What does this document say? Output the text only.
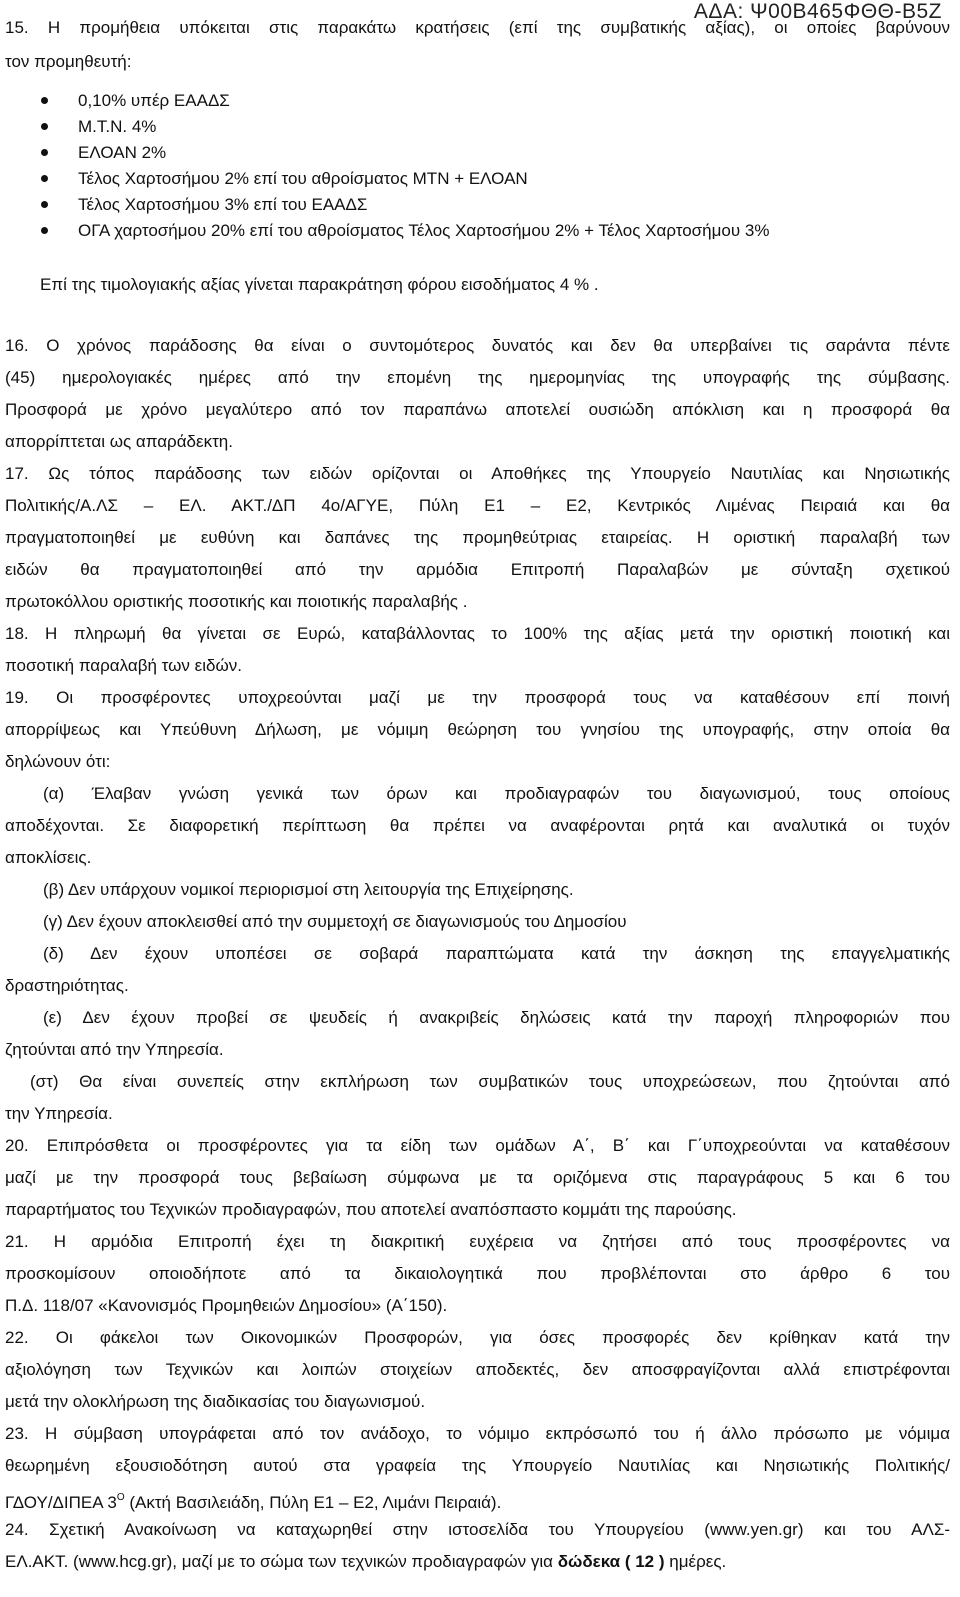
ΑΔΑ: Ψ00Β465ΦΘΘ-Β5Ζ
15. Η προμήθεια υπόκειται στις παρακάτω κρατήσεις (επί της συμβατικής αξίας), οι οποίες βαρύνουν
τον προμηθευτή:
0,10% υπέρ ΕΑΑΔΣ
Μ.Τ.Ν. 4%
ΕΛΟΑΝ 2%
Τέλος Χαρτοσήμου 2% επί του αθροίσματος ΜΤΝ + ΕΛΟΑΝ
Τέλος Χαρτοσήμου 3% επί του ΕΑΑΔΣ
ΟΓΑ χαρτοσήμου 20% επί του αθροίσματος Τέλος Χαρτοσήμου 2% + Τέλος Χαρτοσήμου 3%
Επί της τιμολογιακής αξίας γίνεται παρακράτηση φόρου εισοδήματος 4 % .
16. Ο χρόνος παράδοσης θα είναι ο συντομότερος δυνατός και δεν θα υπερβαίνει τις σαράντα πέντε
(45) ημερολογιακές ημέρες από την επομένη της ημερομηνίας της υπογραφής της σύμβασης.
Προσφορά με χρόνο μεγαλύτερο από τον παραπάνω αποτελεί ουσιώδη απόκλιση και η προσφορά θα
απορρίπτεται ως απαράδεκτη.
17. Ως τόπος παράδοσης των ειδών ορίζονται οι Αποθήκες της Υπουργείο Ναυτιλίας και Νησιωτικής
Πολιτικής/Α.ΛΣ – ΕΛ. ΑΚΤ./ΔΠ 4ο/ΑΓΥΕ, Πύλη Ε1 – Ε2, Κεντρικός Λιμένας Πειραιά και θα
πραγματοποιηθεί με ευθύνη και δαπάνες της προμηθεύτριας εταιρείας. Η οριστική παραλαβή των
ειδών θα πραγματοποιηθεί από την αρμόδια Επιτροπή Παραλαβών με σύνταξη σχετικού
πρωτοκόλλου οριστικής ποσοτικής και ποιοτικής παραλαβής .
18. Η πληρωμή θα γίνεται σε Ευρώ, καταβάλλοντας το 100% της αξίας μετά την οριστική ποιοτική και
ποσοτική παραλαβή των ειδών.
19. Οι προσφέροντες υποχρεούνται μαζί με την προσφορά τους να καταθέσουν επί ποινή
απορρίψεως και Υπεύθυνη Δήλωση, με νόμιμη θεώρηση του γνησίου της υπογραφής, στην οποία θα
δηλώνουν ότι:
(α) Έλαβαν γνώση γενικά των όρων και προδιαγραφών του διαγωνισμού, τους οποίους
αποδέχονται. Σε διαφορετική περίπτωση θα πρέπει να αναφέρονται ρητά και αναλυτικά οι τυχόν
αποκλίσεις.
(β) Δεν υπάρχουν νομικοί περιορισμοί στη λειτουργία της Επιχείρησης.
(γ) Δεν έχουν αποκλεισθεί από την συμμετοχή σε διαγωνισμούς του Δημοσίου
(δ) Δεν έχουν υποπέσει σε σοβαρά παραπτώματα κατά την άσκηση της επαγγελματικής
δραστηριότητας.
(ε) Δεν έχουν προβεί σε ψευδείς ή ανακριβείς δηλώσεις κατά την παροχή πληροφοριών που
ζητούνται από την Υπηρεσία.
(στ) Θα είναι συνεπείς στην εκπλήρωση των συμβατικών τους υποχρεώσεων, που ζητούνται από
την Υπηρεσία.
20. Επιπρόσθετα οι προσφέροντες για τα είδη των ομάδων Α΄, Β΄ και Γ΄υποχρεούνται να καταθέσουν
μαζί με την προσφορά τους βεβαίωση σύμφωνα με τα οριζόμενα στις παραγράφους 5 και 6 του
παραρτήματος του Τεχνικών προδιαγραφών, που αποτελεί αναπόσπαστο κομμάτι της παρούσης.
21. Η αρμόδια Επιτροπή έχει τη διακριτική ευχέρεια να ζητήσει από τους προσφέροντες να
προσκομίσουν οποιοδήποτε από τα δικαιολογητικά που προβλέπονται στο άρθρο 6 του
Π.Δ. 118/07 «Κανονισμός Προμηθειών Δημοσίου» (Α΄150).
22. Οι φάκελοι των Οικονομικών Προσφορών, για όσες προσφορές δεν κρίθηκαν κατά την
αξιολόγηση των Τεχνικών και λοιπών στοιχείων αποδεκτές, δεν αποσφραγίζονται αλλά επιστρέφονται
μετά την ολοκλήρωση της διαδικασίας του διαγωνισμού.
23. Η σύμβαση υπογράφεται από τον ανάδοχο, το νόμιμο εκπρόσωπό του ή άλλο πρόσωπο με νόμιμα
θεωρημένη εξουσιοδότηση αυτού στα γραφεία της Υπουργείο Ναυτιλίας και Νησιωτικής Πολιτικής/
ΓΔΟΥ/ΔΙΠΕΑ $3^O$ (Ακτή Βασιλειάδη, Πύλη Ε1 – Ε2, Λιμάνι Πειραιά).
24. Σχετική Ανακοίνωση να καταχωρηθεί στην ιστοσελίδα του Υπουργείου (www.yen.gr) και του ΑΛΣ-
ΕΛ.ΑΚΤ. (www.hcg.gr), μαζί με το σώμα των τεχνικών προδιαγραφών για δώδεκα ( 12 ) ημέρες.
